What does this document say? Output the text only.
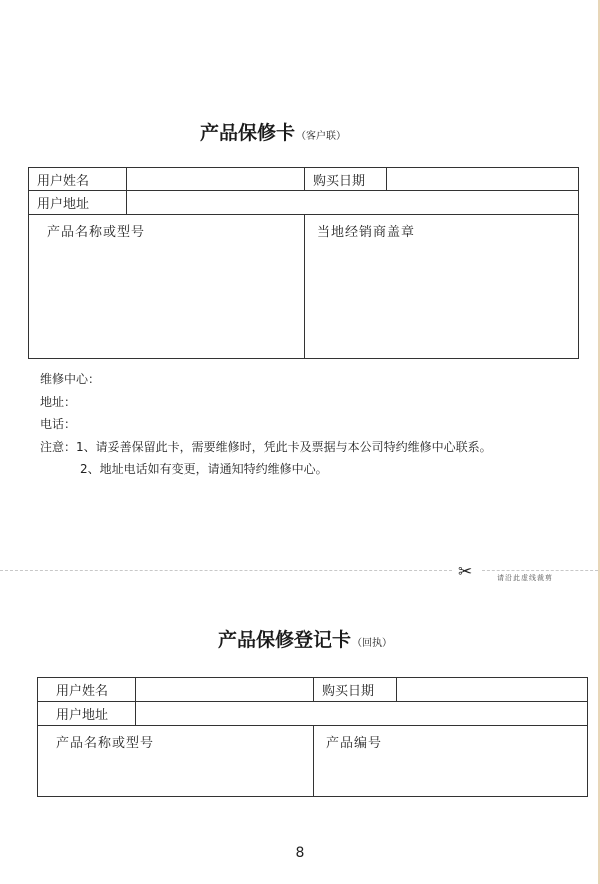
产品保修卡（客户联）
用户姓名	购买日期
用户地址
产品名称或型号	当地经销商盖章
维修中心：
地址：
电话：
注意：1、请妥善保留此卡，需要维修时，凭此卡及票据与本公司特约维修中心联系。
2、地址电话如有变更，请通知特约维修中心。
✂	请沿此虚线裁剪
产品保修登记卡（回执）
用户姓名	购买日期
用户地址
产品名称或型号	产品编号
8
